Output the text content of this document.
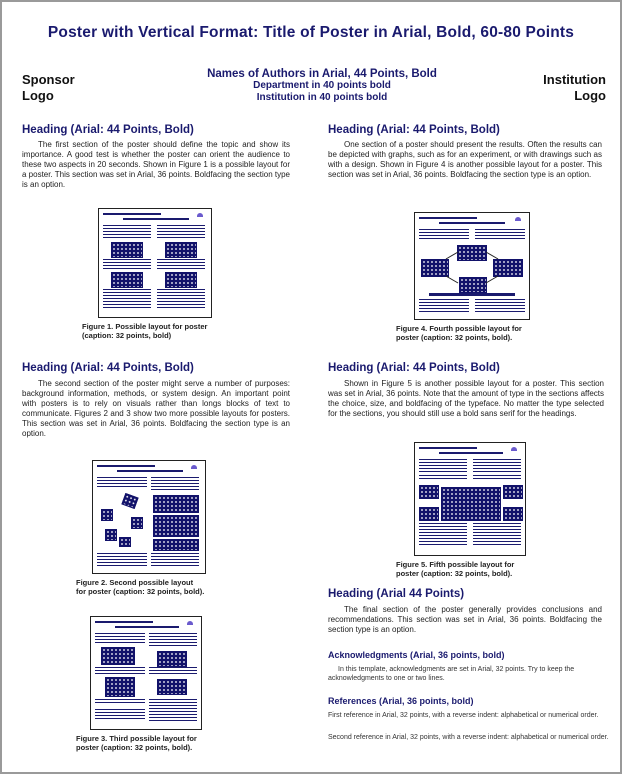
Poster with Vertical Format: Title of Poster in Arial, Bold, 60-80 Points
Sponsor
Logo
Names of Authors in Arial, 44 Points, Bold
Department in 40 points bold
Institution in 40 points bold
Institution
Logo
Heading (Arial: 44 Points, Bold)
The first section of the poster should define the topic and show its importance. A good test is whether the poster can orient the audience to these two aspects in 20 seconds. Shown in Figure 1 is a possible layout for a poster. This section was set in Arial, 36 points. Boldfacing the section type is an option.
Figure 1. Possible layout for poster
(caption: 32 points, bold)
Heading (Arial: 44 Points, Bold)
The second section of the poster might serve a number of purposes: background information, methods, or system design. An important point with posters is to rely on visuals rather than longs blocks of text to communicate. Figures 2 and 3 show two more possible layouts for posters. This section was set in Arial, 36 points. Boldfacing the section type is an option.
Figure 2. Second possible layout
for poster (caption: 32 points, bold).
Figure 3. Third possible layout for
poster (caption: 32 points, bold).
Heading (Arial: 44 Points, Bold)
One section of a poster should present the results. Often the results can be depicted with graphs, such as for an experiment, or with drawings such as with a design. Shown in Figure 4 is another possible layout for a poster. This section was set in Arial, 36 points. Boldfacing the section type is an option.
Figure 4. Fourth possible layout for
poster (caption: 32 points, bold).
Heading (Arial: 44 Points, Bold)
Shown in Figure 5 is another possible layout for a poster. This section was set in Arial, 36 points. Note that the amount of type in the sections affects the choice, size, and boldfacing of the typeface. No matter the type selected for the sections, you should still use a bold sans serif for the headings.
Figure 5. Fifth possible layout for
poster (caption: 32 points, bold).
Heading (Arial 44 Points)
The final section of the poster generally provides conclusions and recommendations. This section was set in Arial, 36 points. Boldfacing the section type is an option.
Acknowledgments (Arial, 36 points, bold)
In this template, acknowledgments are set in Arial, 32 points. Try to keep the acknowledgments to one or two lines.
References (Arial, 36 points, bold)
First reference in Arial, 32 points, with a reverse indent: alphabetical or numerical order.
Second reference in Arial, 32 points, with a reverse indent: alphabetical or numerical order.
